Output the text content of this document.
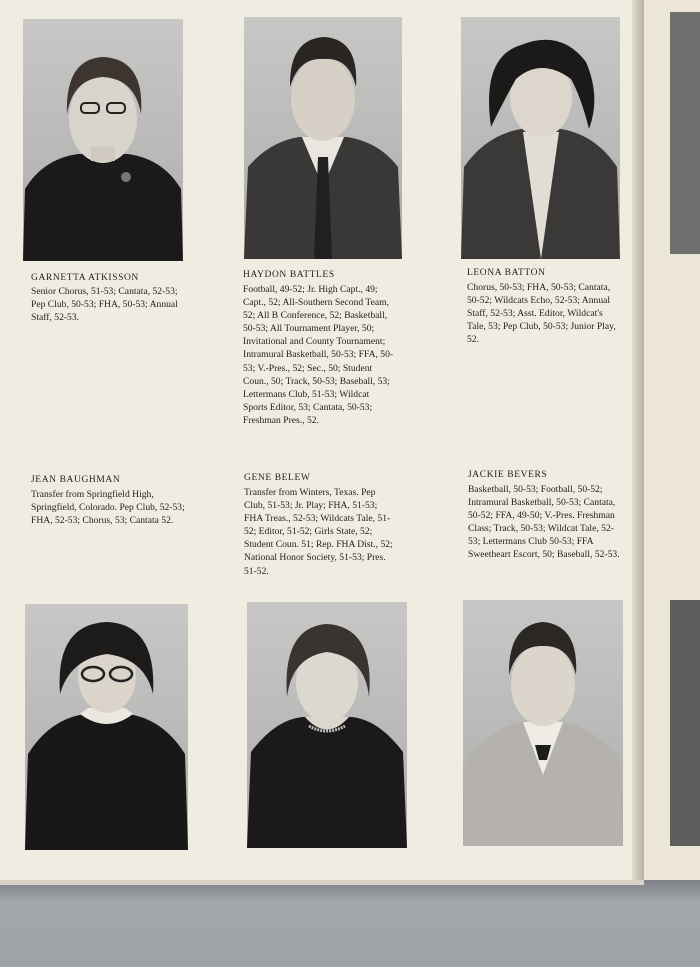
GARNETTA ATKISSON
Senior Chorus, 51-53; Cantata, 52-53; Pep Club, 50-53; FHA, 50-53; Annual Staff, 52-53.
HAYDON BATTLES
Football, 49-52; Jr. High Capt., 49; Capt., 52; All-Southern Second Team, 52; All B Conference, 52; Basketball, 50-53; All Tournament Player, 50; Invitational and County Tournament; Intramural Basketball, 50-53; FFA, 50-53; V.-Pres., 52; Sec., 50; Student Coun., 50; Track, 50-53; Baseball, 53; Lettermans Club, 51-53; Wildcat Sports Editor, 53; Cantata, 50-53; Freshman Pres., 52.
LEONA BATTON
Chorus, 50-53; FHA, 50-53; Cantata, 50-52; Wildcats Echo, 52-53; Annual Staff, 52-53; Asst. Editor, Wildcat's Tale, 53; Pep Club, 50-53; Junior Play, 52.
JEAN BAUGHMAN
Transfer from Springfield High, Springfield, Colorado. Pep Club, 52-53; FHA, 52-53; Chorus, 53; Cantata 52.
GENE BELEW
Transfer from Winters, Texas. Pep Club, 51-53; Jr. Play; FHA, 51-53; FHA Treas., 52-53; Wildcats Tale, 51-52; Editor, 51-52; Girls State, 52; Student Coun. 51; Rep. FHA Dist., 52; National Honor Society, 51-53; Pres. 51-52.
JACKIE BEVERS
Basketball, 50-53; Football, 50-52; Intramural Basketball, 50-53; Cantata, 50-52; FFA, 49-50; V.-Pres. Freshman Class; Track, 50-53; Wildcat Tale, 52-53; Lettermans Club 50-53; FFA Sweetheart Escort, 50; Baseball, 52-53.
